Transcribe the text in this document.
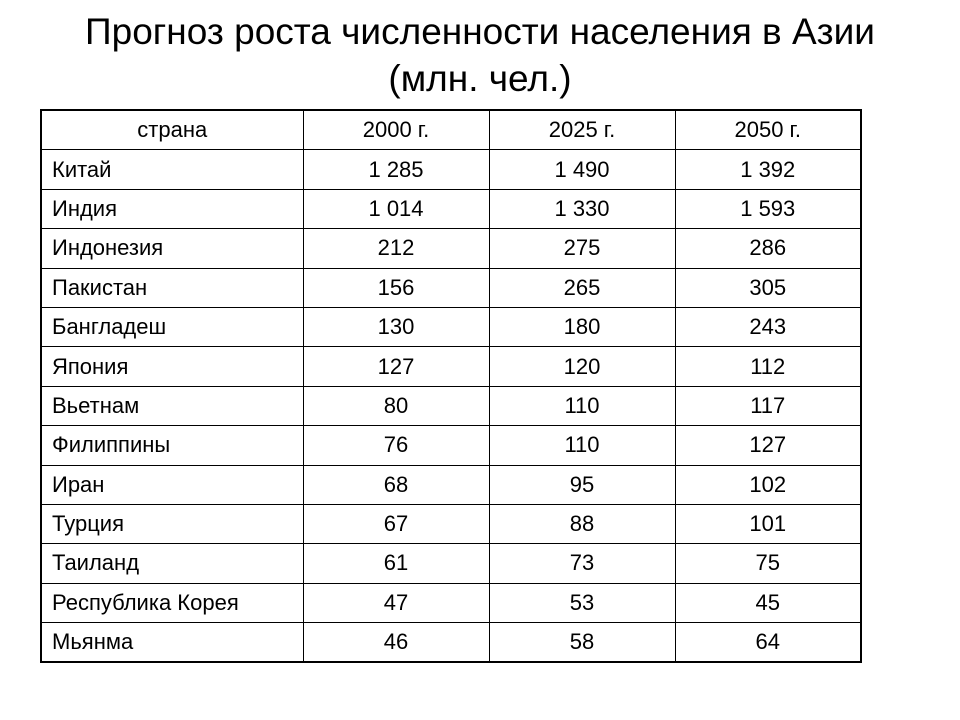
Прогноз роста численности населения в Азии
(млн. чел.)
страна	2000 г.	2025 г.	2050 г.
Китай	1 285	1 490	1 392
Индия	1 014	1 330	1 593
Индонезия	212	275	286
Пакистан	156	265	305
Бангладеш	130	180	243
Япония	127	120	112
Вьетнам	80	110	117
Филиппины	76	110	127
Иран	68	95	102
Турция	67	88	101
Таиланд	61	73	75
Республика Корея	47	53	45
Мьянма	46	58	64
